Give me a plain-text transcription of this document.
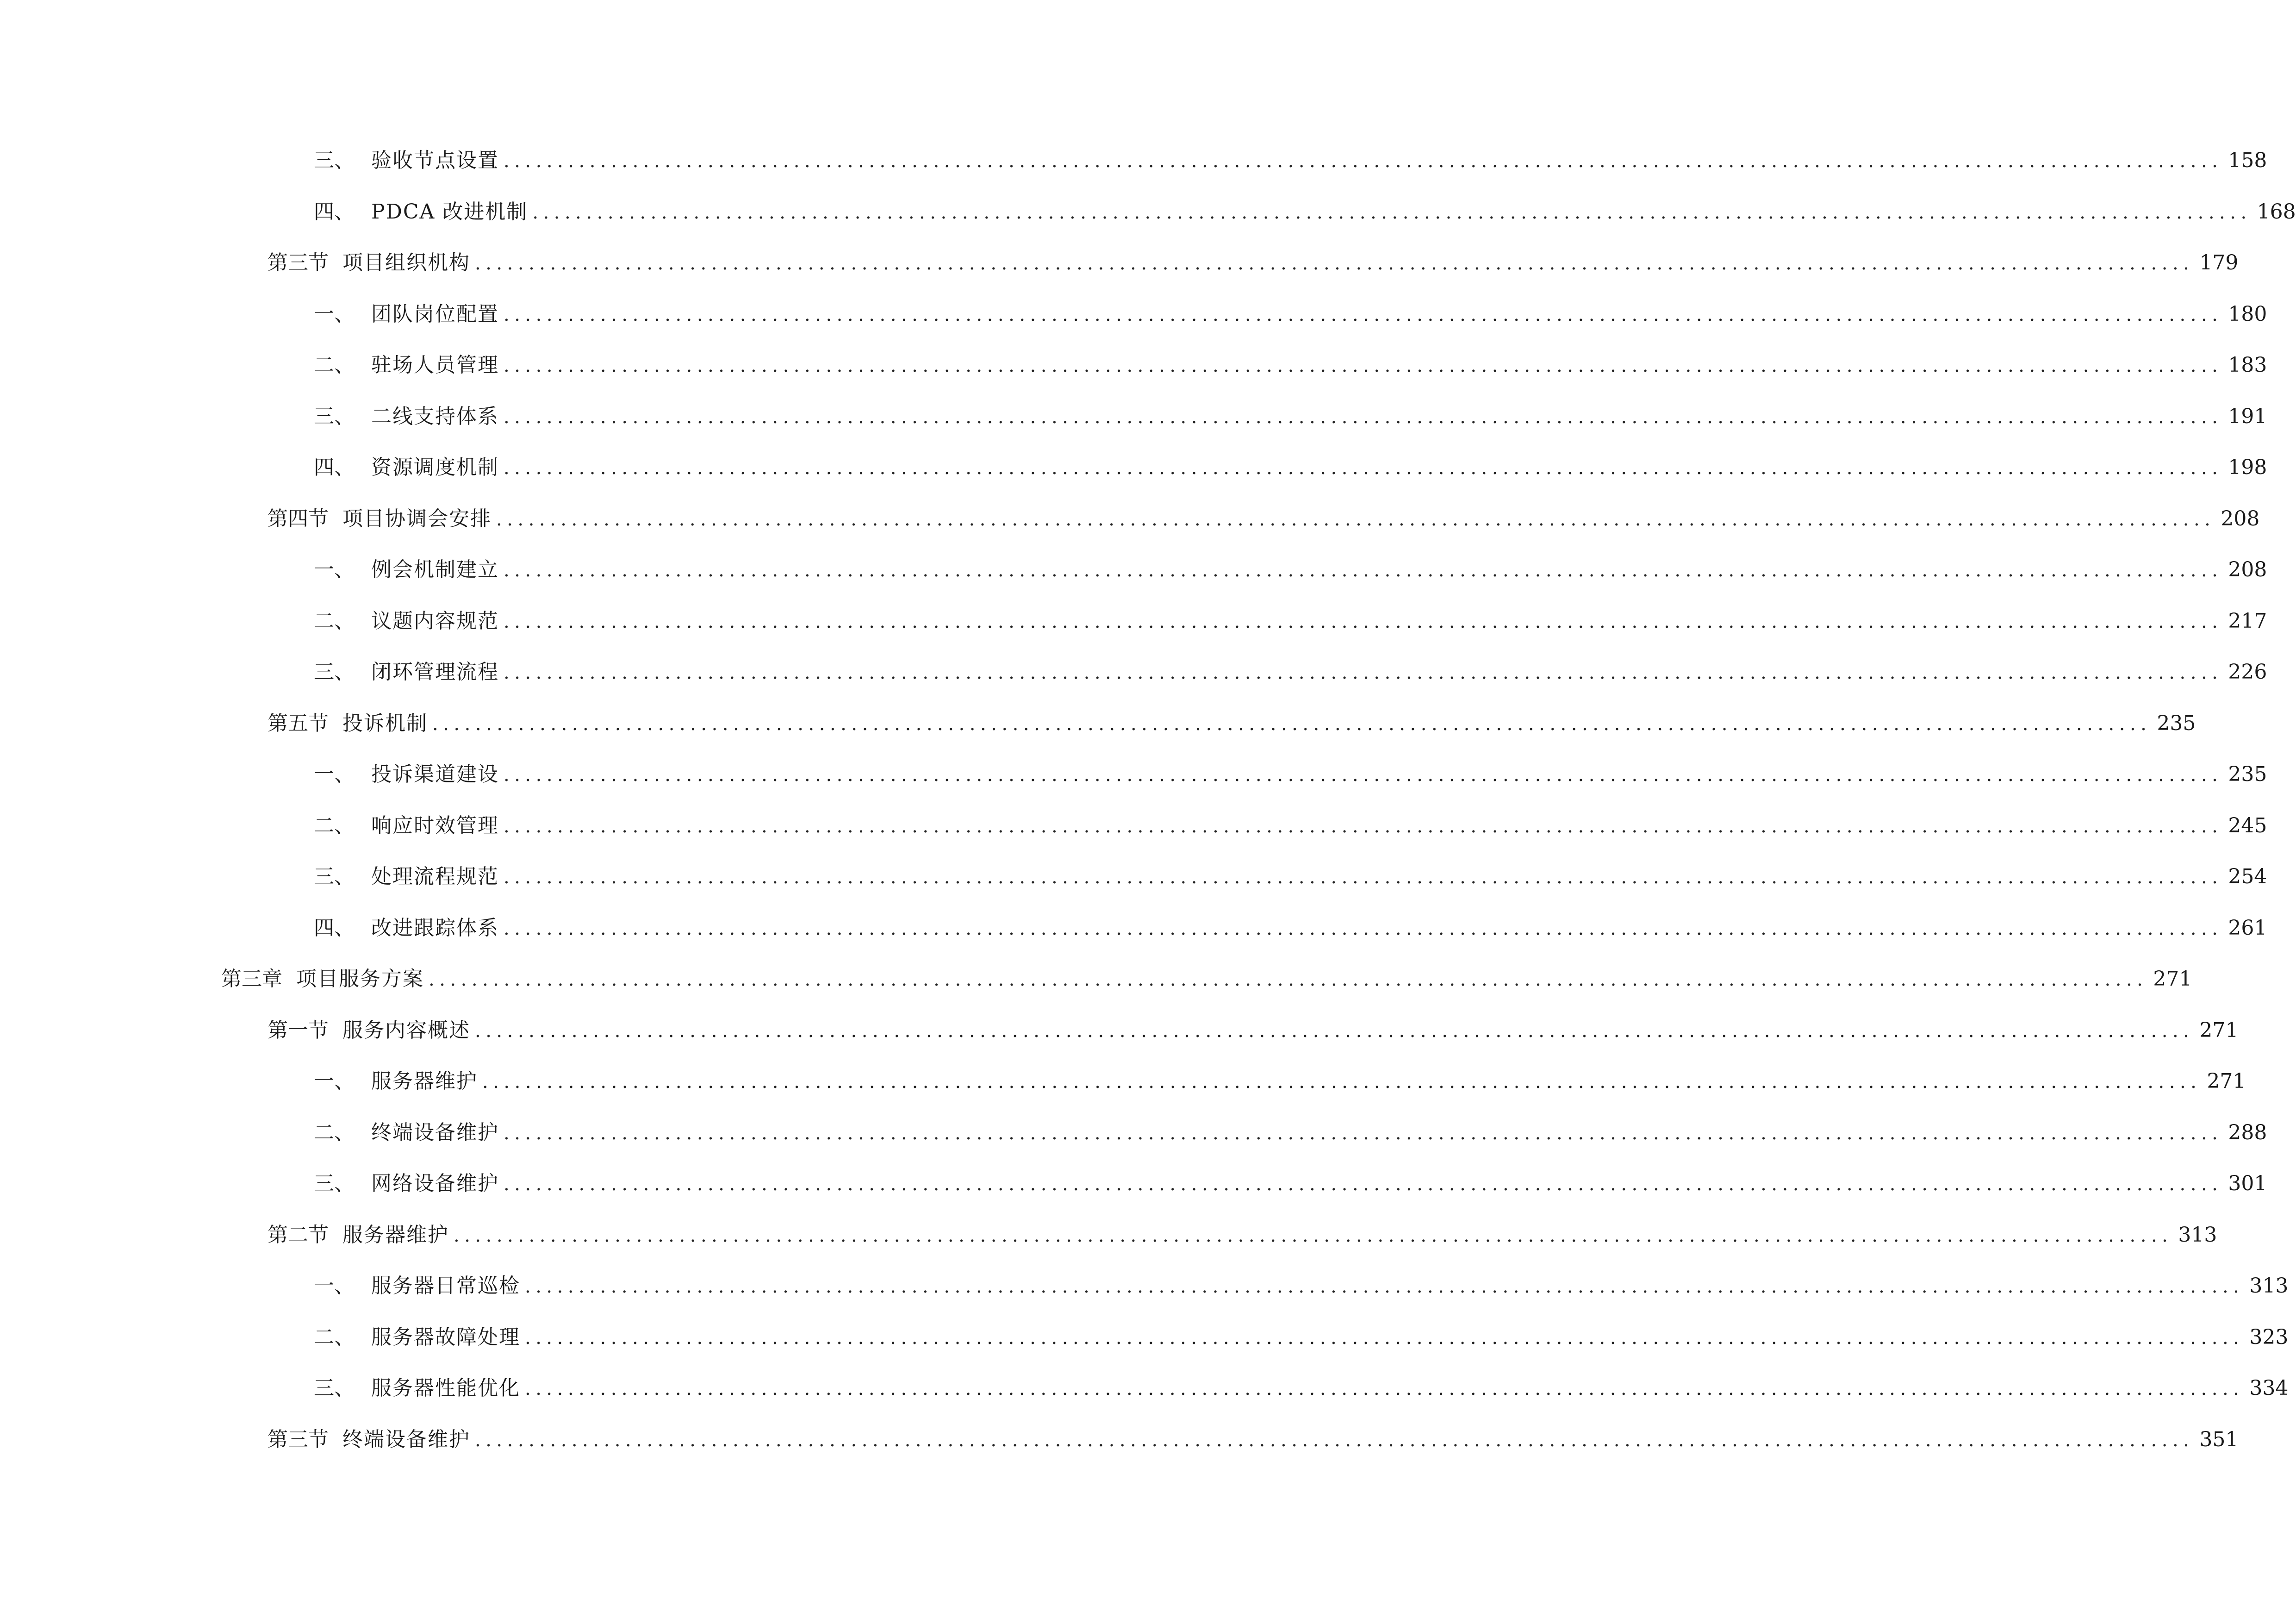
三、 验收节点设置 ................................................................................................................................................................ 158
四、 PDCA 改进机制 ................................................................................................................................................................ 168
第三节 项目组织机构 ................................................................................................................................................................ 179
一、 团队岗位配置 ................................................................................................................................................................ 180
二、 驻场人员管理 ................................................................................................................................................................ 183
三、 二线支持体系 ................................................................................................................................................................ 191
四、 资源调度机制 ................................................................................................................................................................ 198
第四节 项目协调会安排 ................................................................................................................................................................ 208
一、 例会机制建立 ................................................................................................................................................................ 208
二、 议题内容规范 ................................................................................................................................................................ 217
三、 闭环管理流程 ................................................................................................................................................................ 226
第五节 投诉机制 ................................................................................................................................................................ 235
一、 投诉渠道建设 ................................................................................................................................................................ 235
二、 响应时效管理 ................................................................................................................................................................ 245
三、 处理流程规范 ................................................................................................................................................................ 254
四、 改进跟踪体系 ................................................................................................................................................................ 261
第三章 项目服务方案 ................................................................................................................................................................ 271
第一节 服务内容概述 ................................................................................................................................................................ 271
一、 服务器维护 ................................................................................................................................................................ 271
二、 终端设备维护 ................................................................................................................................................................ 288
三、 网络设备维护 ................................................................................................................................................................ 301
第二节 服务器维护 ................................................................................................................................................................ 313
一、 服务器日常巡检 ................................................................................................................................................................ 313
二、 服务器故障处理 ................................................................................................................................................................ 323
三、 服务器性能优化 ................................................................................................................................................................ 334
第三节 终端设备维护 ................................................................................................................................................................ 351
